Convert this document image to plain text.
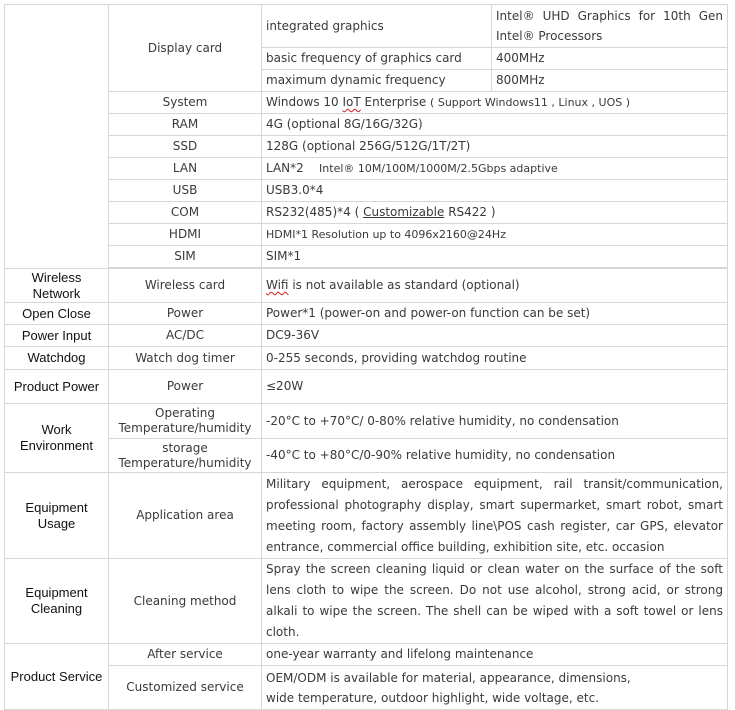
	Display card	integrated graphics	Intel® UHD Graphics for 10th Gen
Intel® Processors

		basic frequency of graphics card	400MHz
		maximum dynamic frequency	800MHz
	System	Windows 10 IoT Enterprise ( Support Windows11 , Linux , UOS )	
	RAM	4G (optional 8G/16G/32G)	
	SSD	128G (optional 256G/512G/1T/2T)	
	LAN	LAN*2 Intel® 10M/100M/1000M/2.5Gbps adaptive	
	USB	USB3.0*4	
	COM	RS232(485)*4 ( Customizable RS422 )	
	HDMI	HDMI*1 Resolution up to 4096x2160@24Hz	
	SIM	SIM*1	

Wireless Network	Wireless card	Wifi is not available as standard (optional)	
Open Close	Power	Power*1 (power-on and power-on function can be set)	
Power Input	AC/DC	DC9-36V	
Watchdog	Watch dog timer	0-255 seconds, providing watchdog routine	
Product Power	Power	≤20W	
Work Environment	Operating Temperature/humidity	-20°C to +70°C/ 0-80% relative humidity, no condensation	
	storage Temperature/humidity	-40°C to +80°C/0-90% relative humidity, no condensation	
Equipment Usage	Application area	Military equipment, aerospace equipment, rail transit/communication, professional photography display, smart supermarket, smart robot, smart meeting room, factory assembly line\POS cash register, car GPS, elevator entrance, commercial office building, exhibition site, etc. occasion	
Equipment Cleaning	Cleaning method	Spray the screen cleaning liquid or clean water on the surface of the soft lens cloth to wipe the screen. Do not use alcohol, strong acid, or strong alkali to wipe the screen. The shell can be wiped with a soft towel or lens cloth.	
Product Service	After service	one-year warranty and lifelong maintenance	
	Customized service	OEM/ODM is available for material, appearance, dimensions,
wide temperature, outdoor highlight, wide voltage, etc.	
